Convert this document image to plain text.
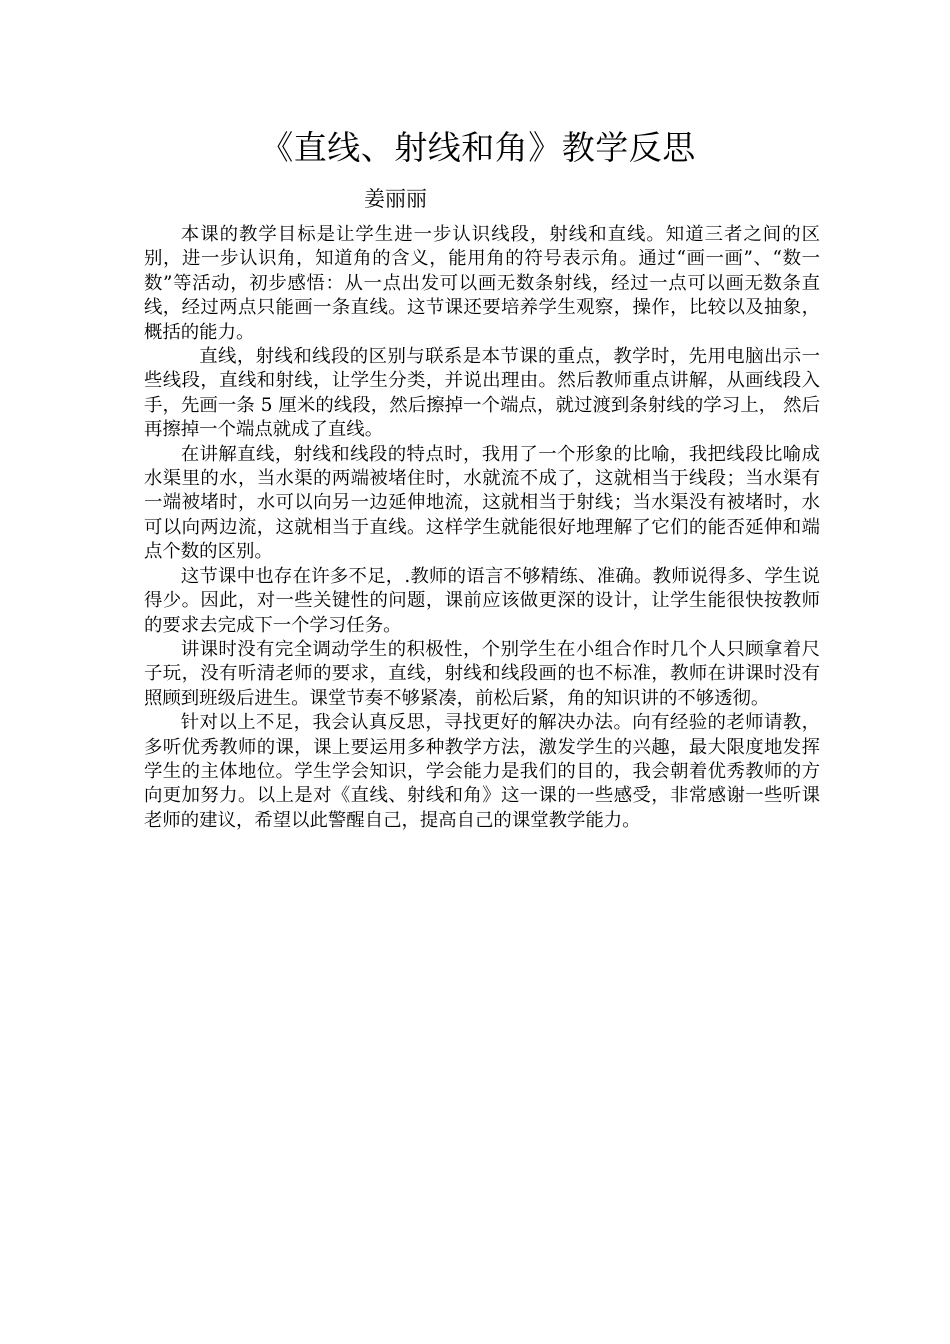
《直线、射线和角》教学反思
姜丽丽

本课的教学目标是让学生进一步认识线段，射线和直线。知道三者之间的区别，进一步认识角，知道角的含义，能用角的符号表示角。通过“画一画”、“数一数”等活动，初步感悟：从一点出发可以画无数条射线，经过一点可以画无数条直线，经过两点只能画一条直线。这节课还要培养学生观察，操作，比较以及抽象，概括的能力。

直线，射线和线段的区别与联系是本节课的重点，教学时，先用电脑出示一些线段，直线和射线，让学生分类，并说出理由。然后教师重点讲解，从画线段入手，先画一条 5 厘米的线段，然后擦掉一个端点，就过渡到条射线的学习上， 然后再擦掉一个端点就成了直线。

在讲解直线，射线和线段的特点时，我用了一个形象的比喻，我把线段比喻成水渠里的水，当水渠的两端被堵住时，水就流不成了，这就相当于线段；当水渠有一端被堵时，水可以向另一边延伸地流，这就相当于射线；当水渠没有被堵时，水可以向两边流，这就相当于直线。这样学生就能很好地理解了它们的能否延伸和端点个数的区别。

这节课中也存在许多不足，.教师的语言不够精练、准确。教师说得多、学生说得少。因此，对一些关键性的问题，课前应该做更深的设计，让学生能很快按教师的要求去完成下一个学习任务。

讲课时没有完全调动学生的积极性，个别学生在小组合作时几个人只顾拿着尺子玩，没有听清老师的要求，直线，射线和线段画的也不标准，教师在讲课时没有照顾到班级后进生。课堂节奏不够紧凑，前松后紧，角的知识讲的不够透彻。

针对以上不足，我会认真反思，寻找更好的解决办法。向有经验的老师请教，多听优秀教师的课，课上要运用多种教学方法，激发学生的兴趣，最大限度地发挥学生的主体地位。学生学会知识，学会能力是我们的目的，我会朝着优秀教师的方向更加努力。以上是对《直线、射线和角》这一课的一些感受，非常感谢一些听课老师的建议，希望以此警醒自己，提高自己的课堂教学能力。
